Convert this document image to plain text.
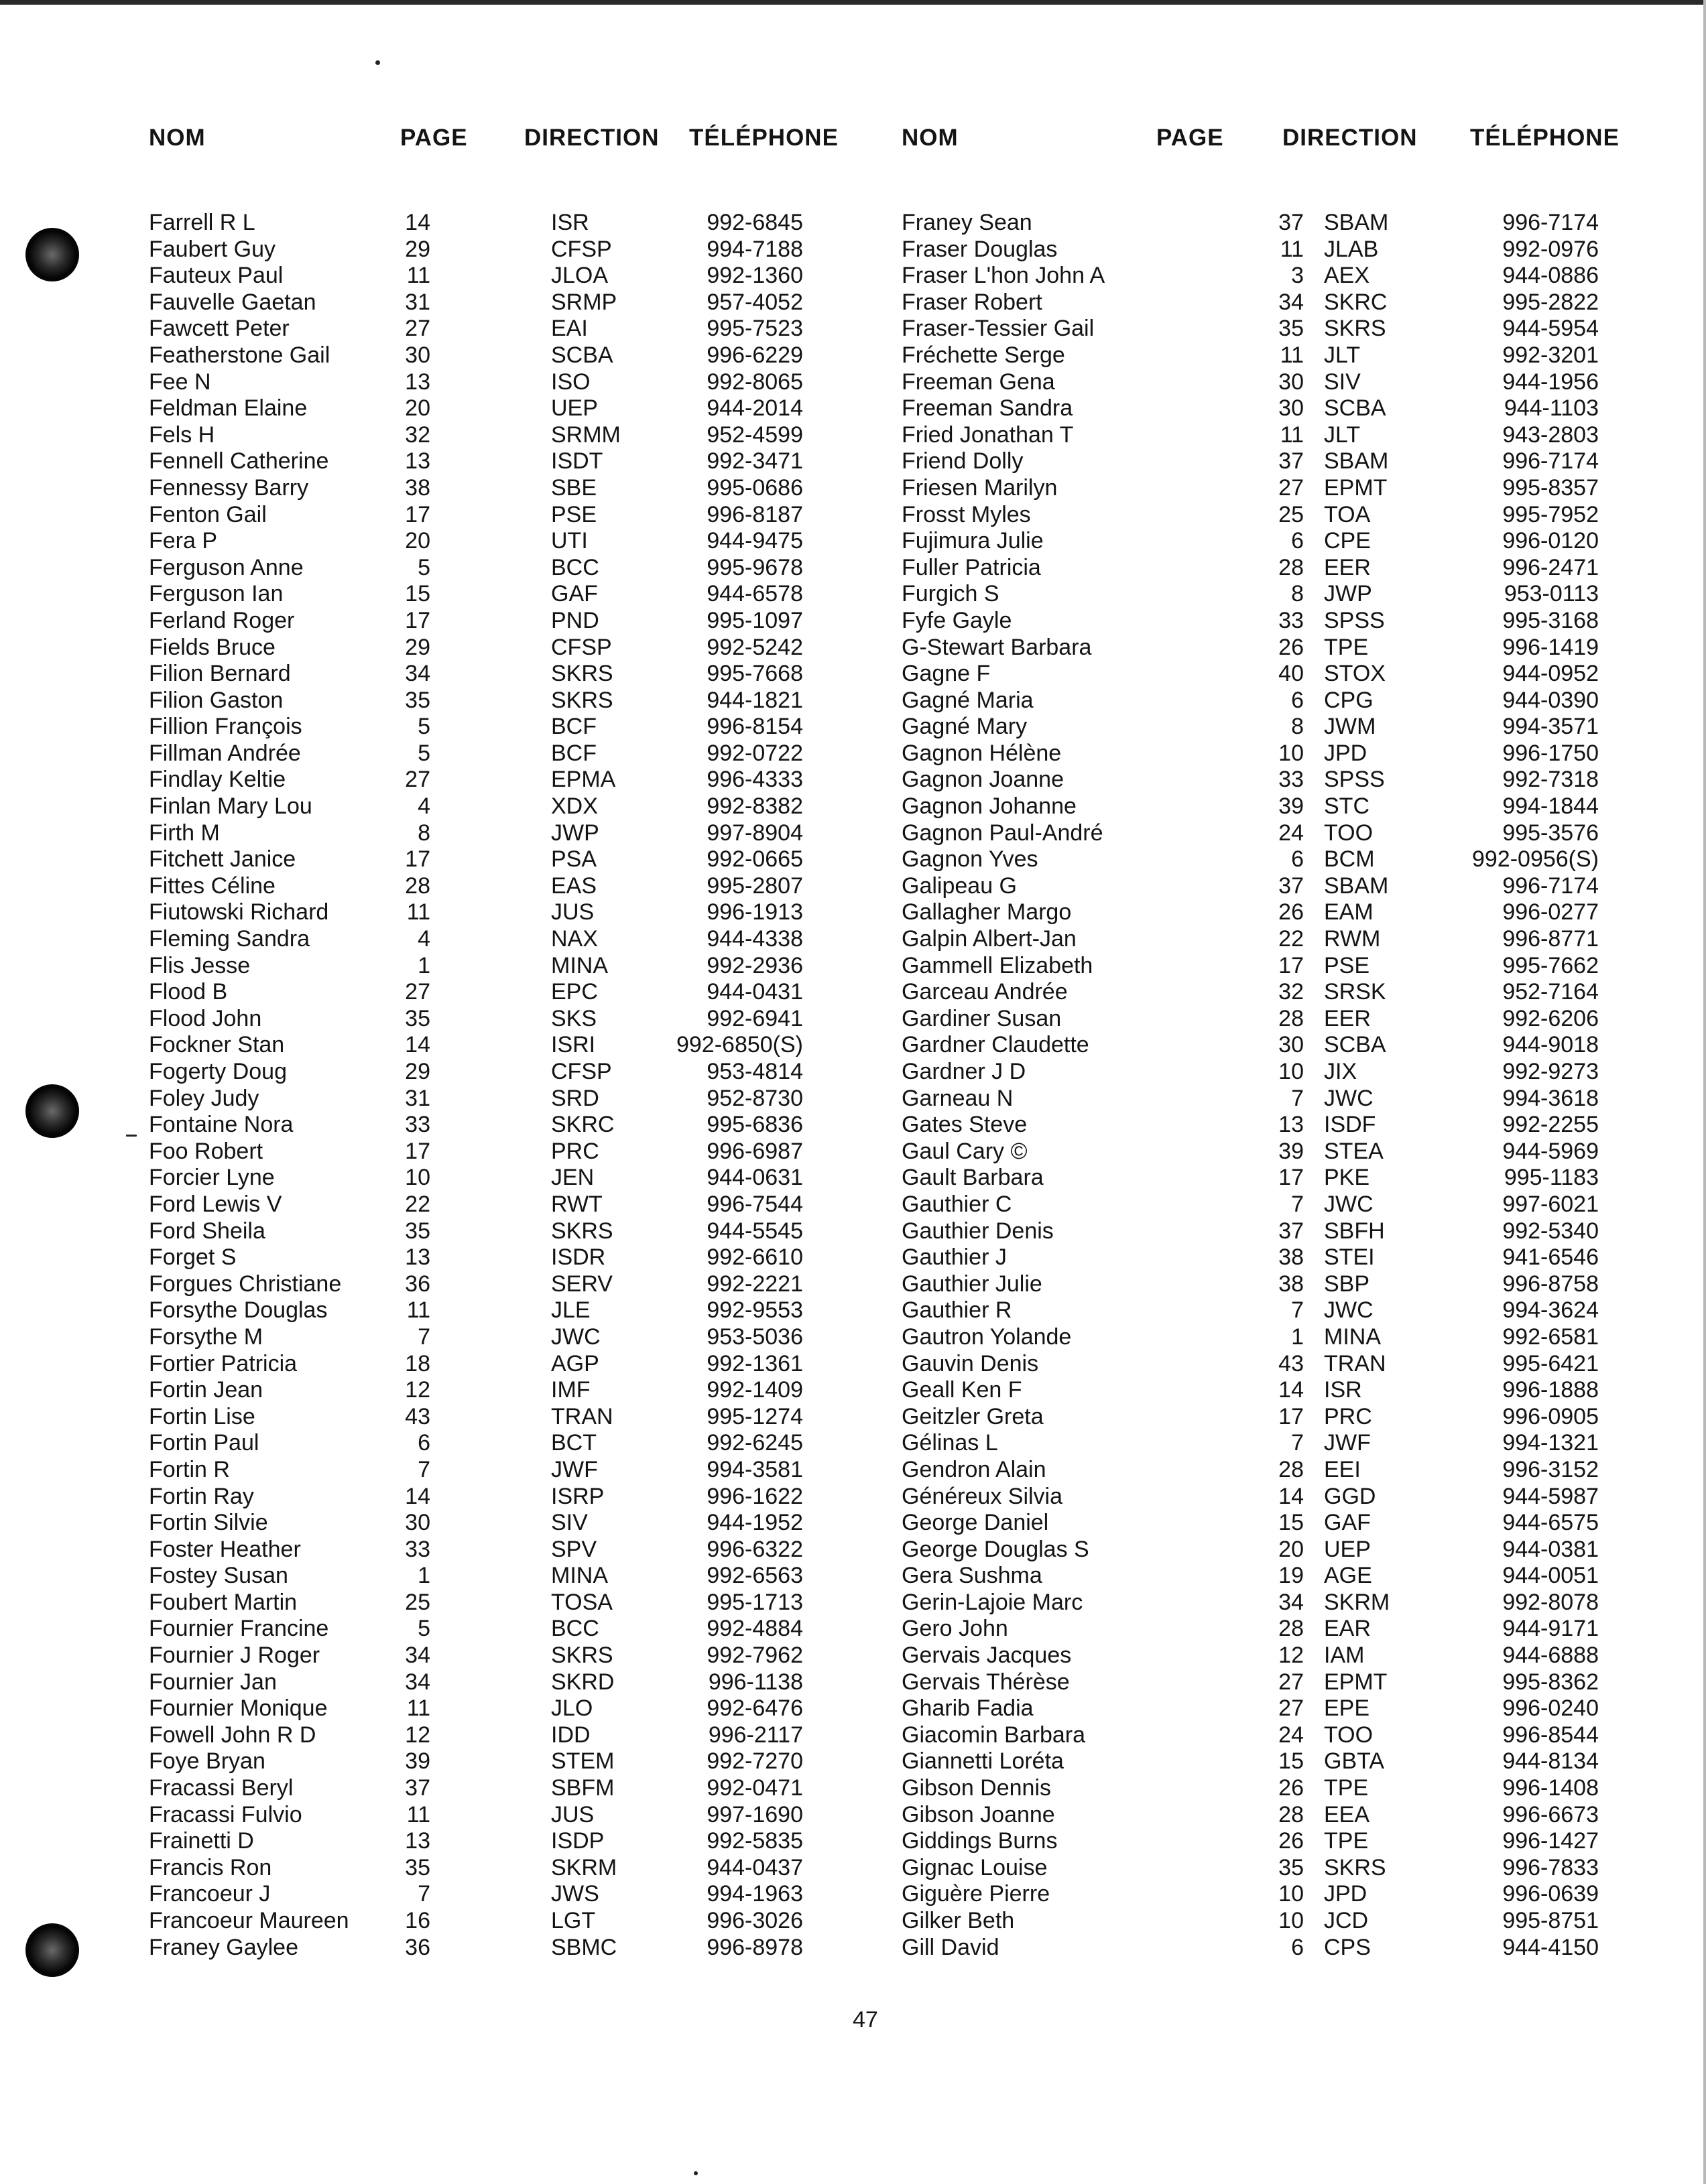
NOM	PAGE DIRECTION TÉLÉPHONE
Farrell R L	14	ISR	992-6845
Faubert Guy	29	CFSP	994-7188
Fauteux Paul	11	JLOA	992-1360
Fauvelle Gaetan	31	SRMP	957-4052
Fawcett Peter	27	EAI	995-7523
Featherstone Gail	30	SCBA	996-6229
Fee N	13	ISO	992-8065
Feldman Elaine	20	UEP	944-2014
Fels H	32	SRMM	952-4599
Fennell Catherine	13	ISDT	992-3471
Fennessy Barry	38	SBE	995-0686
Fenton Gail	17	PSE	996-8187
Fera P	20	UTI	944-9475
Ferguson Anne	5	BCC	995-9678
Ferguson Ian	15	GAF	944-6578
Ferland Roger	17	PND	995-1097
Fields Bruce	29	CFSP	992-5242
Filion Bernard	34	SKRS	995-7668
Filion Gaston	35	SKRS	944-1821
Fillion François	5	BCF	996-8154
Fillman Andrée	5	BCF	992-0722
Findlay Keltie	27	EPMA	996-4333
Finlan Mary Lou	4	XDX	992-8382
Firth M	8	JWP	997-8904
Fitchett Janice	17	PSA	992-0665
Fittes Céline	28	EAS	995-2807
Fiutowski Richard	11	JUS	996-1913
Fleming Sandra	4	NAX	944-4338
Flis Jesse	1	MINA	992-2936
Flood B	27	EPC	944-0431
Flood John	35	SKS	992-6941
Fockner Stan	14	ISRI	992-6850(S)
Fogerty Doug	29	CFSP	953-4814
Foley Judy	31	SRD	952-8730
Fontaine Nora	33	SKRC	995-6836
Foo Robert	17	PRC	996-6987
Forcier Lyne	10	JEN	944-0631
Ford Lewis V	22	RWT	996-7544
Ford Sheila	35	SKRS	944-5545
Forget S	13	ISDR	992-6610
Forgues Christiane	36	SERV	992-2221
Forsythe Douglas	11	JLE	992-9553
Forsythe M	7	JWC	953-5036
Fortier Patricia	18	AGP	992-1361
Fortin Jean	12	IMF	992-1409
Fortin Lise	43	TRAN	995-1274
Fortin Paul	6	BCT	992-6245
Fortin R	7	JWF	994-3581
Fortin Ray	14	ISRP	996-1622
Fortin Silvie	30	SIV	944-1952
Foster Heather	33	SPV	996-6322
Fostey Susan	1	MINA	992-6563
Foubert Martin	25	TOSA	995-1713
Fournier Francine	5	BCC	992-4884
Fournier J Roger	34	SKRS	992-7962
Fournier Jan	34	SKRD	996-1138
Fournier Monique	11	JLO	992-6476
Fowell John R D	12	IDD	996-2117
Foye Bryan	39	STEM	992-7270
Fracassi Beryl	37	SBFM	992-0471
Fracassi Fulvio	11	JUS	997-1690
Frainetti D	13	ISDP	992-5835
Francis Ron	35	SKRM	944-0437
Francoeur J	7	JWS	994-1963
Francoeur Maureen	16	LGT	996-3026
Franey Gaylee	36	SBMC	996-8978
NOM	PAGE DIRECTION TÉLÉPHONE
Franey Sean	37 SBAM	996-7174
Fraser Douglas	11 JLAB	992-0976
Fraser L'hon John A	3 AEX	944-0886
Fraser Robert	34 SKRC	995-2822
Fraser-Tessier Gail	35 SKRS	944-5954
Fréchette Serge	11 JLT	992-3201
Freeman Gena	30 SIV	944-1956
Freeman Sandra	30 SCBA	944-1103
Fried Jonathan T	11 JLT	943-2803
Friend Dolly	37 SBAM	996-7174
Friesen Marilyn	27 EPMT	995-8357
Frosst Myles	25 TOA	995-7952
Fujimura Julie	6 CPE	996-0120
Fuller Patricia	28 EER	996-2471
Furgich S	8 JWP	953-0113
Fyfe Gayle	33 SPSS	995-3168
G-Stewart Barbara	26 TPE	996-1419
Gagne F	40 STOX	944-0952
Gagné Maria	6 CPG	944-0390
Gagné Mary	8 JWM	994-3571
Gagnon Hélène	10 JPD	996-1750
Gagnon Joanne	33 SPSS	992-7318
Gagnon Johanne	39 STC	994-1844
Gagnon Paul-André	24 TOO	995-3576
Gagnon Yves	6 BCM	992-0956(S)
Galipeau G	37 SBAM	996-7174
Gallagher Margo	26 EAM	996-0277
Galpin Albert-Jan	22 RWM	996-8771
Gammell Elizabeth	17 PSE	995-7662
Garceau Andrée	32 SRSK	952-7164
Gardiner Susan	28 EER	992-6206
Gardner Claudette	30 SCBA	944-9018
Gardner J D	10 JIX	992-9273
Garneau N	7 JWC	994-3618
Gates Steve	13 ISDF	992-2255
Gaul Cary ©	39 STEA	944-5969
Gault Barbara	17 PKE	995-1183
Gauthier C	7 JWC	997-6021
Gauthier Denis	37 SBFH	992-5340
Gauthier J	38 STEI	941-6546
Gauthier Julie	38 SBP	996-8758
Gauthier R	7 JWC	994-3624
Gautron Yolande	1 MINA	992-6581
Gauvin Denis	43 TRAN	995-6421
Geall Ken F	14 ISR	996-1888
Geitzler Greta	17 PRC	996-0905
Gélinas L	7 JWF	994-1321
Gendron Alain	28 EEI	996-3152
Généreux Silvia	14 GGD	944-5987
George Daniel	15 GAF	944-6575
George Douglas S	20 UEP	944-0381
Gera Sushma	19 AGE	944-0051
Gerin-Lajoie Marc	34 SKRM	992-8078
Gero John	28 EAR	944-9171
Gervais Jacques	12 IAM	944-6888
Gervais Thérèse	27 EPMT	995-8362
Gharib Fadia	27 EPE	996-0240
Giacomin Barbara	24 TOO	996-8544
Giannetti Loréta	15 GBTA	944-8134
Gibson Dennis	26 TPE	996-1408
Gibson Joanne	28 EEA	996-6673
Giddings Burns	26 TPE	996-1427
Gignac Louise	35 SKRS	996-7833
Giguère Pierre	10 JPD	996-0639
Gilker Beth	10 JCD	995-8751
Gill David	6 CPS	944-4150
47
